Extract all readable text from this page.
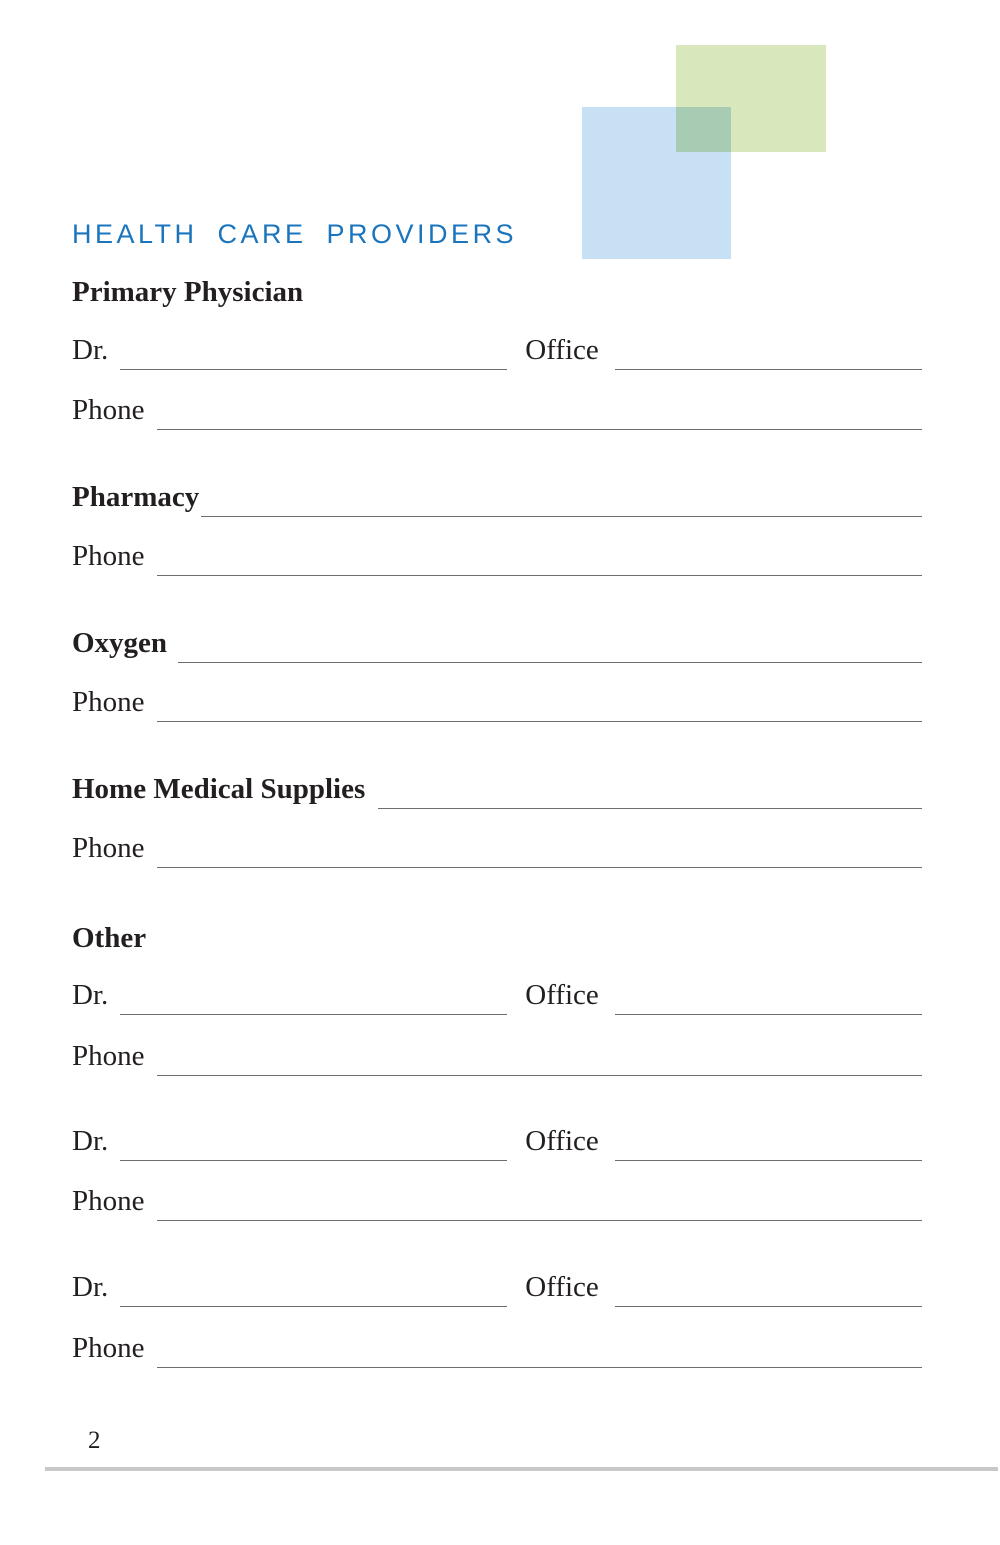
HEALTH CARE PROVIDERS
Primary Physician
Dr.	Office
Phone
Pharmacy
Phone
Oxygen
Phone
Home Medical Supplies
Phone
Other
Dr.	Office
Phone
Dr.	Office
Phone
Dr.	Office
Phone
2
